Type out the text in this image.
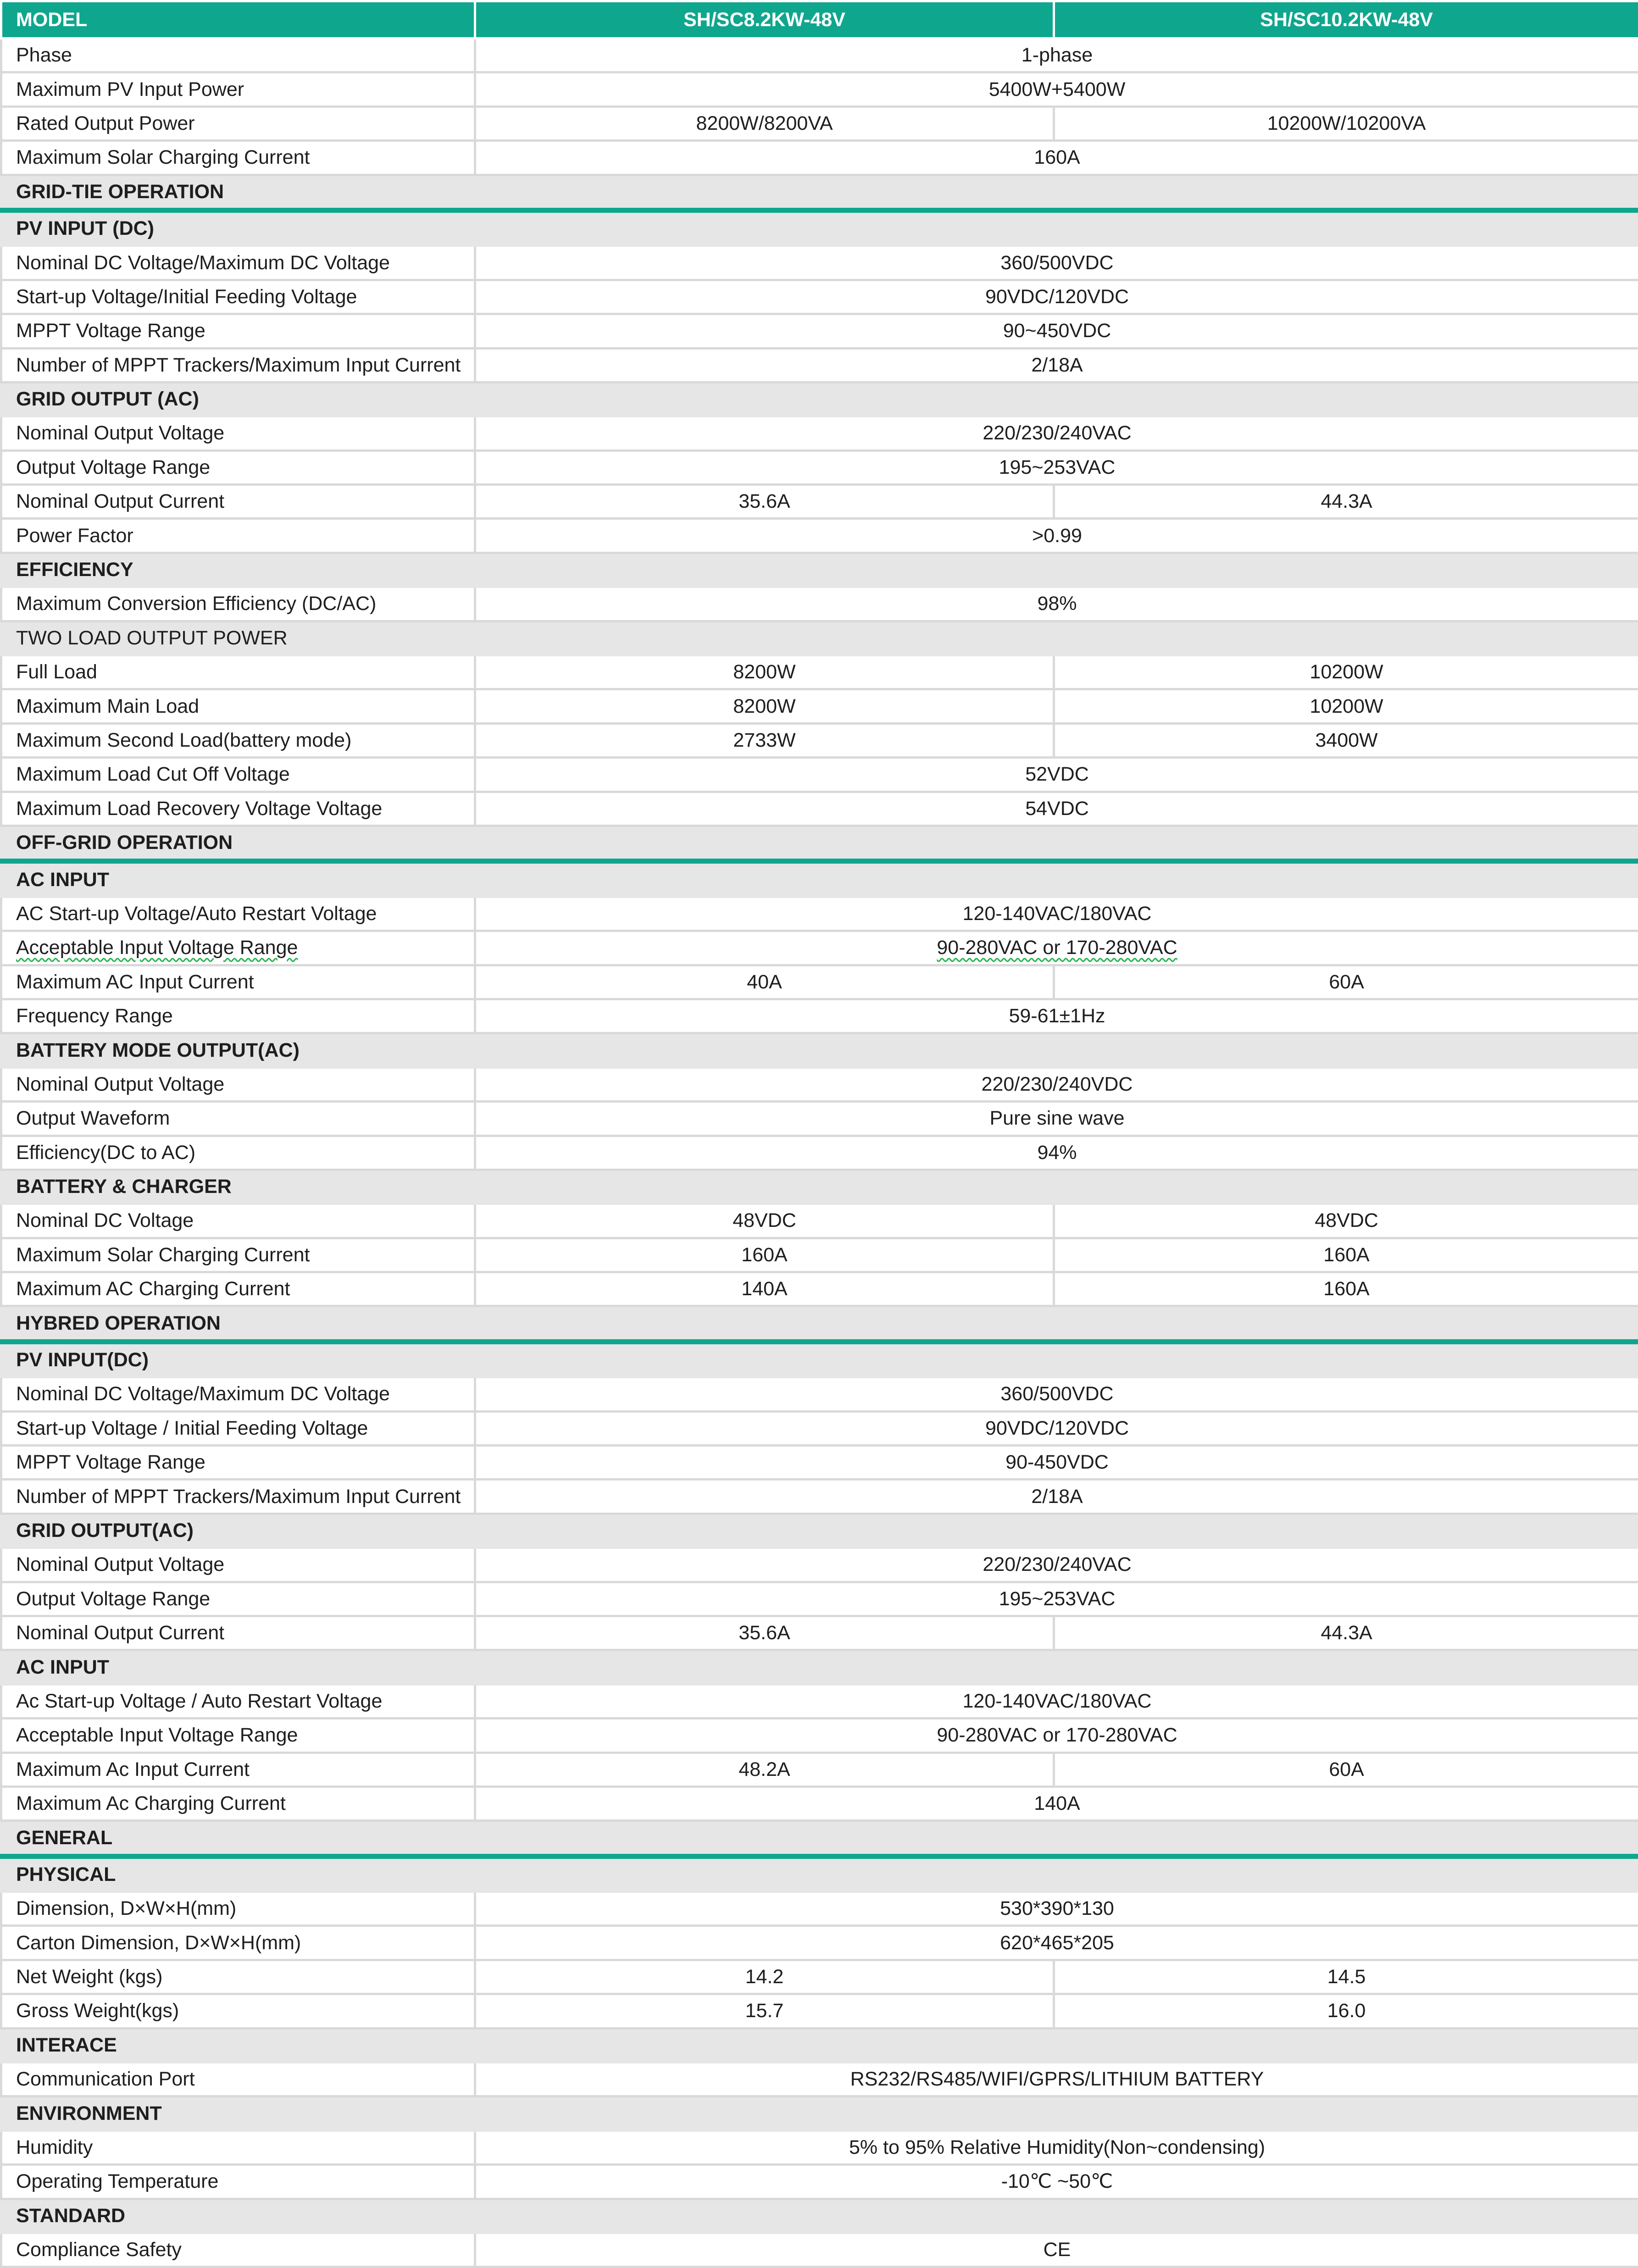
MODEL	SH/SC8.2KW-48V	SH/SC10.2KW-48V
Phase	1-phase	
Maximum PV Input Power	5400W+5400W	
Rated Output Power	8200W/8200VA	10200W/10200VA
Maximum Solar Charging Current	160A	
GRID-TIE OPERATION		
PV INPUT (DC)		
Nominal DC Voltage/Maximum DC Voltage	360/500VDC	
Start-up Voltage/Initial Feeding Voltage	90VDC/120VDC	
MPPT Voltage Range	90~450VDC	
Number of MPPT Trackers/Maximum Input Current	2/18A	
GRID OUTPUT (AC)		
Nominal Output Voltage	220/230/240VAC	
Output Voltage Range	195~253VAC	
Nominal Output Current	35.6A	44.3A
Power Factor	>0.99	
EFFICIENCY		
Maximum Conversion Efficiency (DC/AC)	98%	
TWO LOAD OUTPUT POWER		
Full Load	8200W	10200W
Maximum Main Load	8200W	10200W
Maximum Second Load(battery mode)	2733W	3400W
Maximum Load Cut Off Voltage	52VDC	
Maximum Load Recovery Voltage Voltage	54VDC	
OFF-GRID OPERATION		
AC INPUT		
AC Start-up Voltage/Auto Restart Voltage	120-140VAC/180VAC	
Acceptable Input Voltage Range	90-280VAC or 170-280VAC	
Maximum AC Input Current	40A	60A
Frequency Range	59-61±1Hz	
BATTERY MODE OUTPUT(AC)		
Nominal Output Voltage	220/230/240VDC	
Output Waveform	Pure sine wave	
Efficiency(DC to AC)	94%	
BATTERY & CHARGER		
Nominal DC Voltage	48VDC	48VDC
Maximum Solar Charging Current	160A	160A
Maximum AC Charging Current	140A	160A
HYBRED OPERATION		
PV INPUT(DC)		
Nominal DC Voltage/Maximum DC Voltage	360/500VDC	
Start-up Voltage / Initial Feeding Voltage	90VDC/120VDC	
MPPT Voltage Range	90-450VDC	
Number of MPPT Trackers/Maximum Input Current	2/18A	
GRID OUTPUT(AC)		
Nominal Output Voltage	220/230/240VAC	
Output Voltage Range	195~253VAC	
Nominal Output Current	35.6A	44.3A
AC INPUT		
Ac Start-up Voltage / Auto Restart Voltage	120-140VAC/180VAC	
Acceptable Input Voltage Range	90-280VAC or 170-280VAC	
Maximum Ac Input Current	48.2A	60A
Maximum Ac Charging Current	140A	
GENERAL		
PHYSICAL		
Dimension, D×W×H(mm)	530*390*130	
Carton Dimension, D×W×H(mm)	620*465*205	
Net Weight (kgs)	14.2	14.5
Gross Weight(kgs)	15.7	16.0
INTERACE		
Communication Port	RS232/RS485/WIFI/GPRS/LITHIUM BATTERY	
ENVIRONMENT		
Humidity	5% to 95% Relative Humidity(Non~condensing)	
Operating Temperature	-10℃ ~50℃	
STANDARD		
Compliance Safety	CE	
